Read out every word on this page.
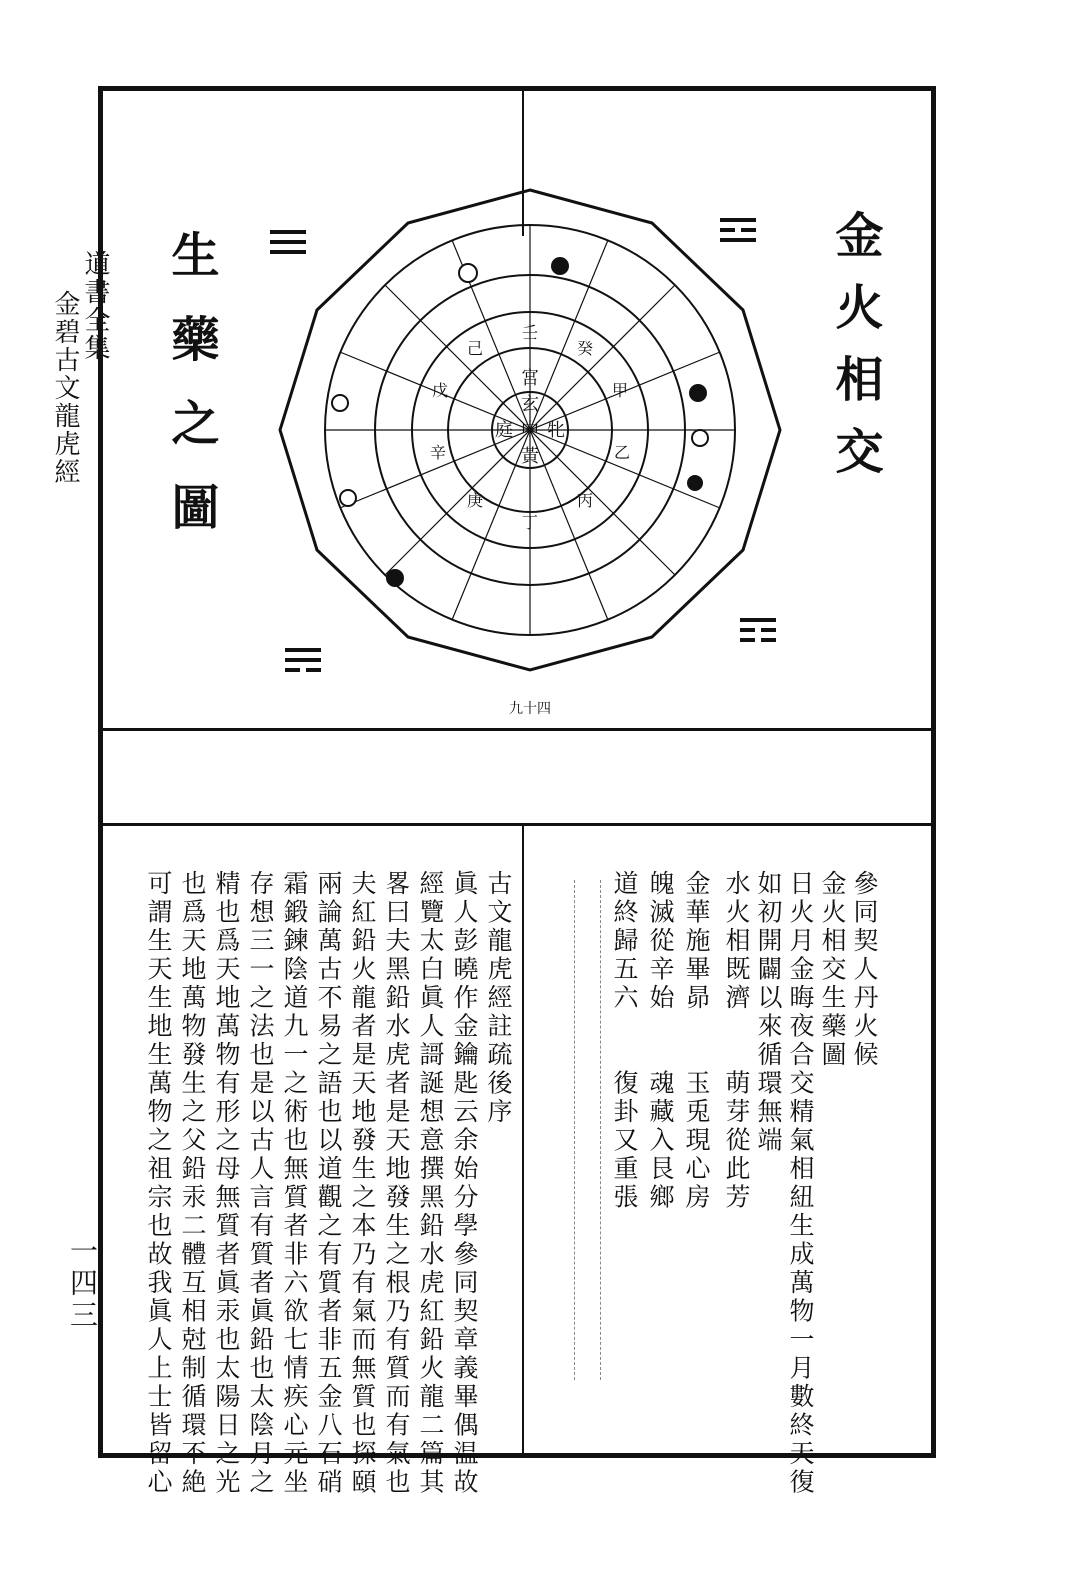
道書全集
金碧古文龍虎經
一四三
金火相交
生藥之圖	玄
牝
黃
庭 中
宮
壬
癸
甲
乙
丙
丁
庚
辛
戊
己
九十四
參同契人丹火候
金火相交生藥圖
日火月金晦夜合交精氣相紐生成萬物一月數終天復
如初開闢以來循環無端
水火相既濟　　萌芽從此芳
金華施畢昴　　玉兎現心房
魄滅從辛始　　魂藏入艮鄉
道終歸五六　　復卦又重張
古文龍虎經註疏後序
眞人彭曉作金鑰匙云余始分學參同契章義畢偶温故
經覽太白眞人謌誕想意撰黑鉛水虎紅鉛火龍二篇其
畧曰夫黑鉛水虎者是天地發生之根乃有質而有氣也
夫紅鉛火龍者是天地發生之本乃有氣而無質也探頤
兩論萬古不易之語也以道觀之有質者非五金八石硝
霜鍛鍊陰道九一之術也無質者非六欲七情疾心元坐
存想三一之法也是以古人言有質者眞鉛也太陰月之
精也爲天地萬物有形之母無質者眞汞也太陽日之光
也爲天地萬物發生之父鉛汞二體互相尅制循環不絶
可謂生天生地生萬物之祖宗也故我眞人上士皆留心
